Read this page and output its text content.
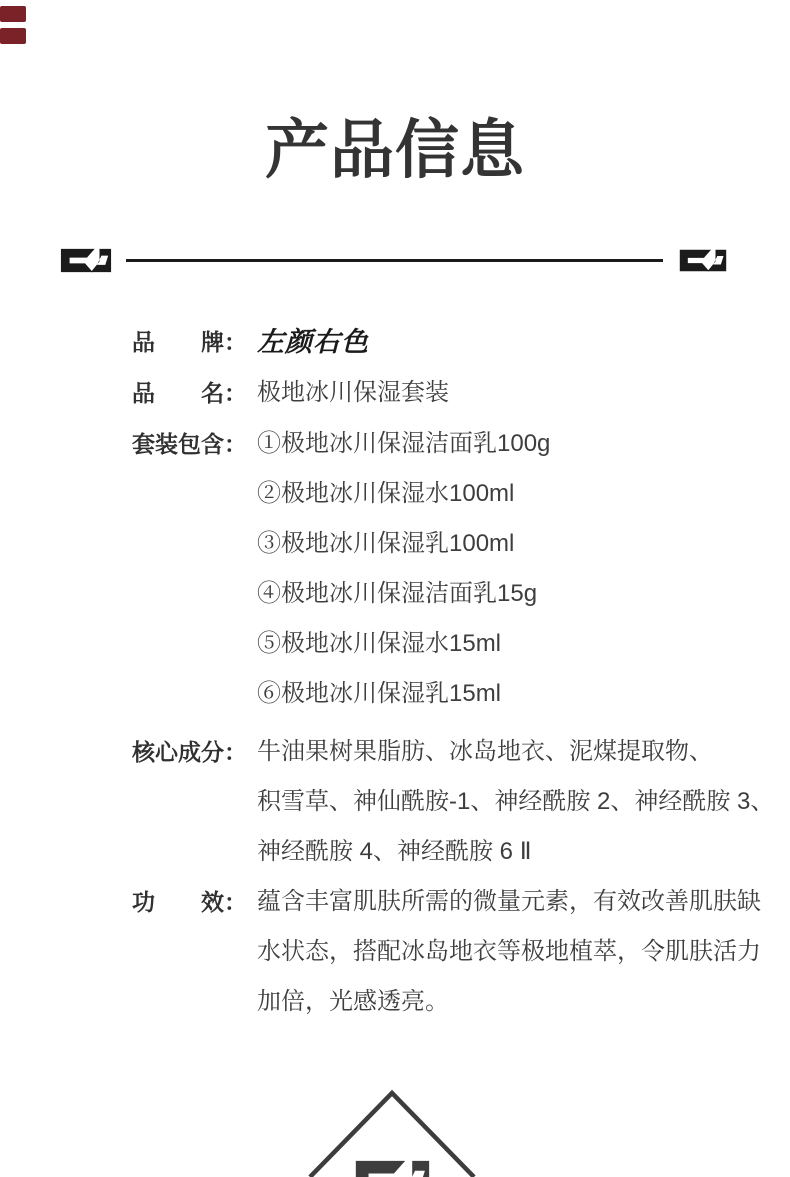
产品信息
品牌： 左颜右色
品名： 极地冰川保湿套装
套装包含： ①极地冰川保湿洁面乳100g
②极地冰川保湿水100ml
③极地冰川保湿乳100ml
④极地冰川保湿洁面乳15g
⑤极地冰川保湿水15ml
⑥极地冰川保湿乳15ml
核心成分： 牛油果树果脂肪、冰岛地衣、泥煤提取物、
积雪草、神仙酰胺-1、神经酰胺 2、神经酰胺 3、
神经酰胺 4、神经酰胺 6 Ⅱ
功效： 蕴含丰富肌肤所需的微量元素，有效改善肌肤缺
水状态，搭配冰岛地衣等极地植萃，令肌肤活力
加倍，光感透亮。
